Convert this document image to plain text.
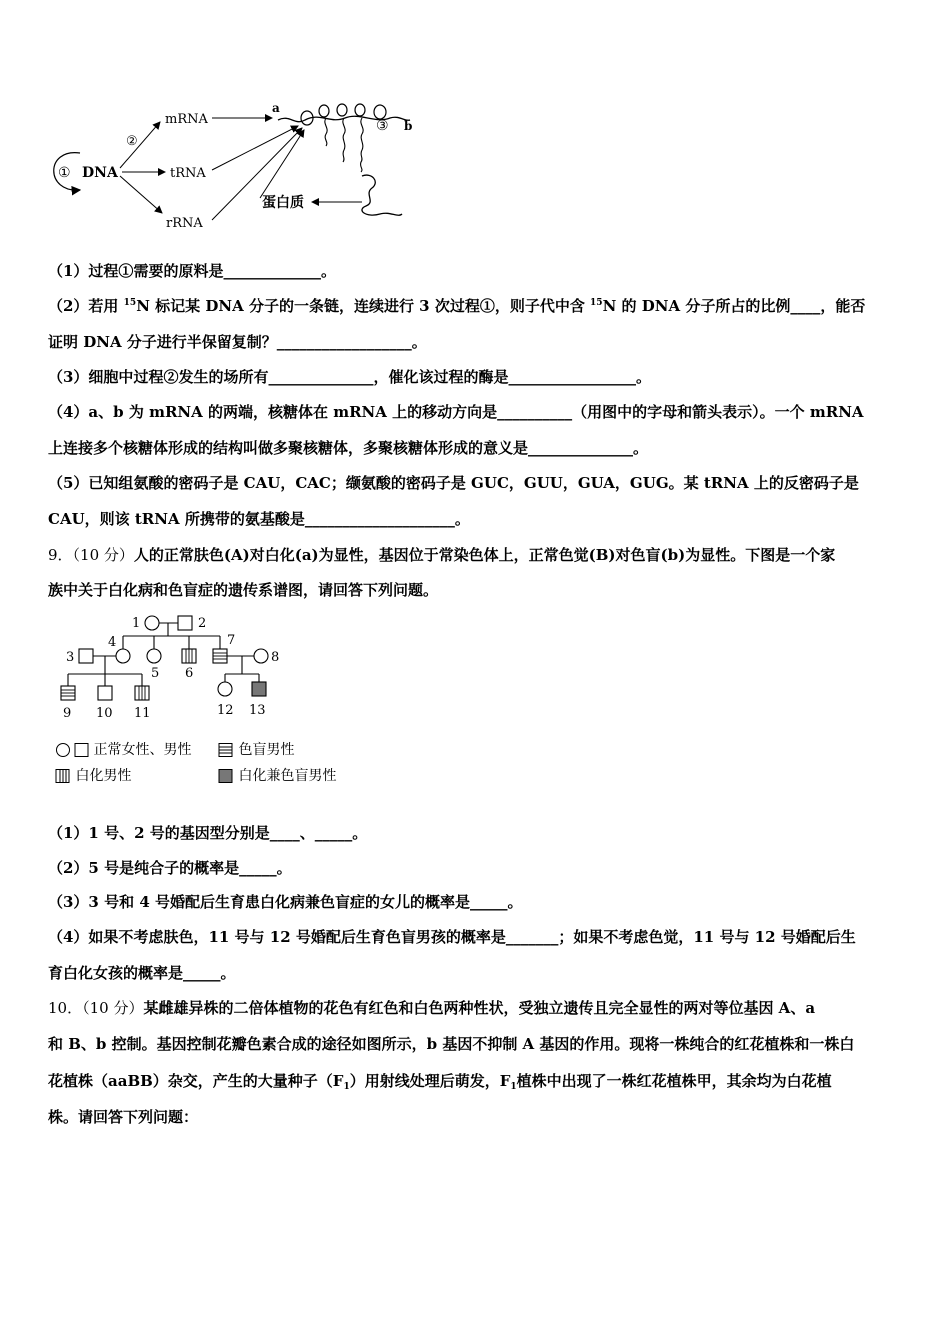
① DNA
②
mRNA
tRNA
rRNA
a
③ b
蛋白质
（1）过程①需要的原料是_____________。
（2）若用 $^{15}$N 标记某 DNA 分子的一条链，连续进行 3 次过程①，则子代中含 $^{15}$N 的 DNA 分子所占的比例____，能否
证明 DNA 分子进行半保留复制？__________________。
（3）细胞中过程②发生的场所有______________，催化该过程的酶是_________________。
（4）a、b 为 mRNA 的两端，核糖体在 mRNA 上的移动方向是__________（用图中的字母和箭头表示）。一个 mRNA
上连接多个核糖体形成的结构叫做多聚核糖体，多聚核糖体形成的意义是______________。
（5）已知组氨酸的密码子是 CAU，CAC；缬氨酸的密码子是 GUC，GUU，GUA，GUG。某 tRNA 上的反密码子是
CAU，则该 tRNA 所携带的氨基酸是____________________。
9．（10 分）人的正常肤色(A)对白化(a)为显性，基因位于常染色体上，正常色觉(B)对色盲(b)为显性。下图是一个家
族中关于白化病和色盲症的遗传系谱图，请回答下列问题。
1	2
3
4
5 6
7
8
9 10 11	12 13
正常女性、男性	色盲男性
白化男性	白化兼色盲男性
（1）1 号、2 号的基因型分别是____、_____。
（2）5 号是纯合子的概率是_____。
（3）3 号和 4 号婚配后生育患白化病兼色盲症的女儿的概率是_____。
（4）如果不考虑肤色，11 号与 12 号婚配后生育色盲男孩的概率是_______；如果不考虑色觉，11 号与 12 号婚配后生
育白化女孩的概率是_____。
10．（10 分）某雌雄异株的二倍体植物的花色有红色和白色两种性状，受独立遗传且完全显性的两对等位基因 A、a
和 B、b 控制。基因控制花瓣色素合成的途径如图所示，b 基因不抑制 A 基因的作用。现将一株纯合的红花植株和一株白
花植株（aaBB）杂交，产生的大量种子$(F_1)$用射线处理后萌发，$F_1$植株中出现了一株红花植株甲，其余均为白花植
株。请回答下列问题：
